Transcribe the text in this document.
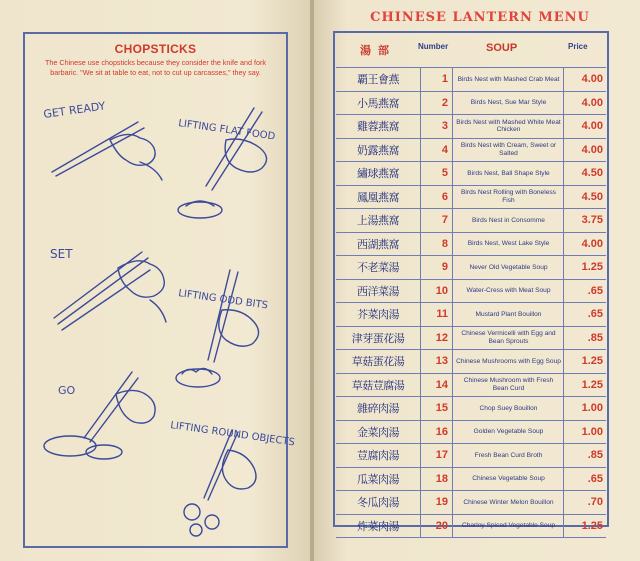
CHOPSTICKS
The Chinese use chopsticks because they consider the knife and fork barbaric. "We sit at table to eat, not to cut up carcasses," they say.
GET READY
LIFTING FLAT FOOD
SET
LIFTING ODD BITS
GO
LIFTING ROUND OBJECTS
CHINESE LANTERN MENU
湯 部	Number	SOUP	Price
覇王會燕	1	Birds Nest with Mashed Crab Meat	4.00
小馬燕窩	2	Birds Nest, Sue Mar Style	4.00
雞蓉燕窩	3	Birds Nest with Mashed White Meat Chicken	4.00
奶露燕窩	4	Birds Nest with Cream, Sweet or Salted	4.00
繡球燕窩	5	Birds Nest, Ball Shape Style	4.50
鳳凰燕窩	6	Birds Nest Rolling with Boneless Fish	4.50
上湯燕窩	7	Birds Nest in Consomme	3.75
西湖燕窩	8	Birds Nest, West Lake Style	4.00
不老菜湯	9	Never Old Vegetable Soup	1.25
西洋菜湯	10	Water-Cress with Meat Soup	.65
芥菜肉湯	11	Mustard Plant Bouillon	.65
津芽蛋花湯	12	Chinese Vermicelli with Egg and Bean Sprouts	.85
草菇蛋花湯	13	Chinese Mushrooms with Egg Soup	1.25
草菇荳腐湯	14	Chinese Mushroom with Fresh Bean Curd	1.25
雜碎肉湯	15	Chop Suey Bouillon	1.00
金菜肉湯	16	Golden Vegetable Soup	1.00
荳腐肉湯	17	Fresh Bean Curd Broth	.85
瓜菜肉湯	18	Chinese Vegetable Soup	.65
冬瓜肉湯	19	Chinese Winter Melon Bouillon	.70
炸菜肉湯	20	Charloy Spiced Vegetable Soup	1.25
